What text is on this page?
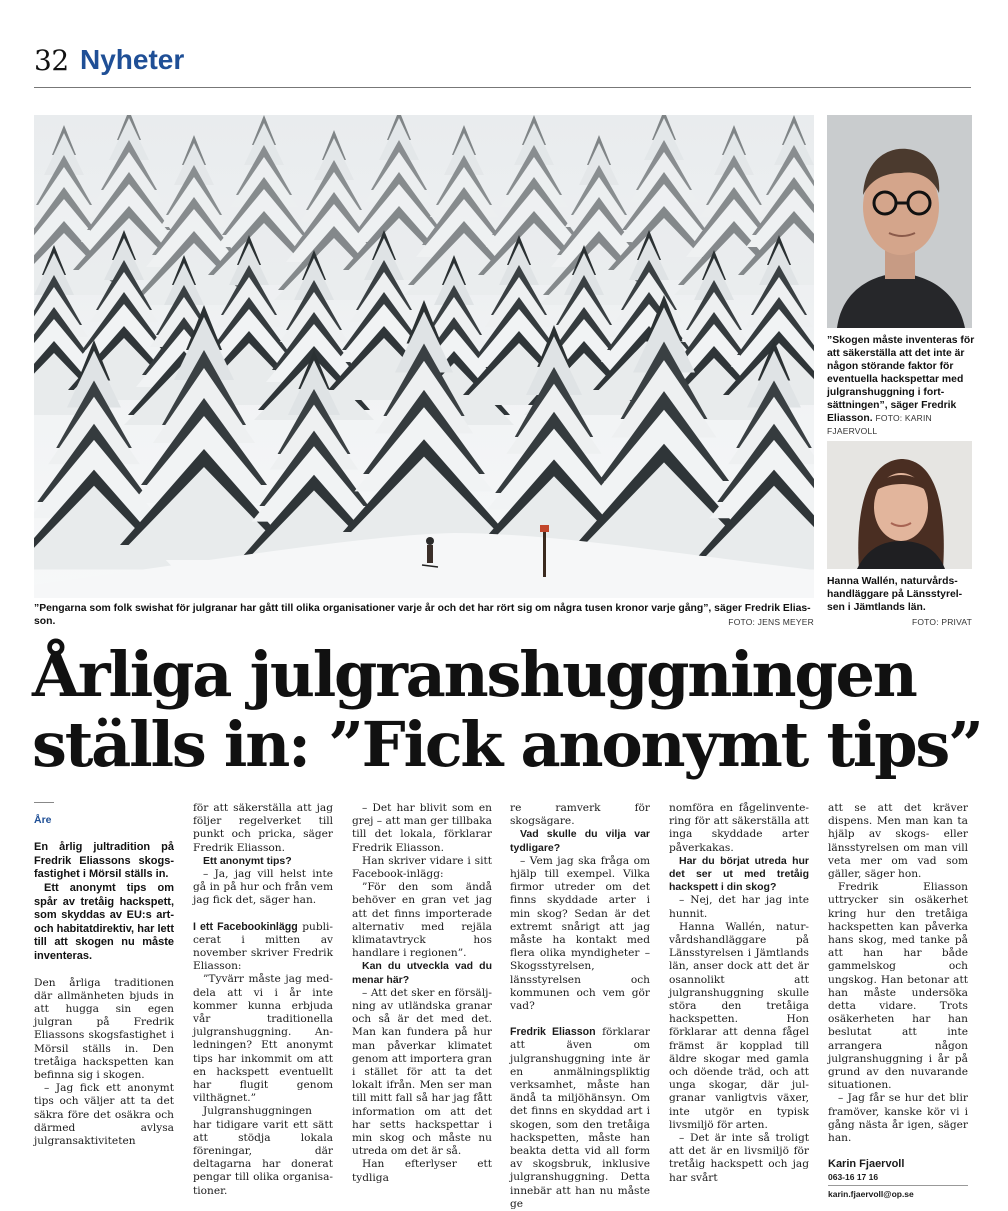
32 Nyheter
”Pengarna som folk swishat för julgranar har gått till olika organisationer varje år och det har rört sig om några tusen kronor varje gång”, säger Fredrik Eliasson.	FOTO: JENS MEYER
”Skogen måste inventeras för att säkerställa att det inte är någon störande faktor för eventuella hackspettar med julgranshuggning i fortsättningen”, säger Fredrik Eliasson. FOTO: KARIN FJAERVOLL
Hanna Wallén, naturvårdshandläggare på Länsstyrelsen i Jämtlands län.
FOTO: PRIVAT
Årliga julgranshuggningen
ställs in: ”Fick anonymt tips”

Åre

En årlig jultradition på Fredrik Eliassons skogsfastighet i Mörsil ställs in.

Ett anonymt tips om spår av tretåig hackspett, som skyddas av EU:s art- och habitatdirektiv, har lett till att skogen nu måste inventeras.

Den årliga traditionen där allmänheten bjuds in att hugga sin egen julgran på Fredrik Eliassons skogsfastighet i Mörsil ställs in. Den tretåiga hackspetten kan befinna sig i skogen.

– Jag fick ett anonymt tips och väljer att ta det säkra före det osäkra och därmed avlysa julgransaktiviteten

för att säkerställa att jag följer regelverket till punkt och pricka, säger Fredrik Eliasson.

Ett anonymt tips?

– Ja, jag vill helst inte gå in på hur och från vem jag fick det, säger han.

I ett Facebookinlägg publicerat i mitten av november skriver Fredrik Eliasson:

”Tyvärr måste jag meddela att vi i år inte kommer kunna erbjuda vår traditionella julgranshuggning. Anledningen? Ett anonymt tips har inkommit om att en hackspett eventuellt har flugit genom vilthägnet.”

Julgranshuggningen har tidigare varit ett sätt att stödja lokala föreningar, där deltagarna har donerat pengar till olika organisationer.

– Det har blivit som en grej – att man ger tillbaka till det lokala, förklarar Fredrik Eliasson.

Han skriver vidare i sitt Facebook-inlägg:

”För den som ändå behöver en gran vet jag att det finns importerade alternativ med rejäla klimatavtryck hos handlare i regionen”.

Kan du utveckla vad du menar här?

– Att det sker en försäljning av utländska granar och så är det med det. Man kan fundera på hur man påverkar klimatet genom att importera gran i stället för att ta det lokalt ifrån. Men ser man till mitt fall så har jag fått information om att det har setts hackspettar i min skog och måste nu utreda om det är så.

Han efterlyser ett tydliga

re ramverk för skogsägare.

Vad skulle du vilja var tydligare?

– Vem jag ska fråga om hjälp till exempel. Vilka firmor utreder om det finns skyddade arter i min skog? Sedan är det extremt snårigt att jag måste ha kontakt med flera olika myndigheter – Skogsstyrelsen, länsstyrelsen och kommunen och vem gör vad?

Fredrik Eliasson förklarar att även om julgranshuggning inte är en anmälningspliktig verksamhet, måste han ändå ta miljöhänsyn. Om det finns en skyddad art i skogen, som den tretåiga hackspetten, måste han beakta detta vid all form av skogsbruk, inklusive julgranshuggning. Detta innebär att han nu måste ge

nomföra en fågelinventering för att säkerställa att inga skyddade arter påverkakas.

Har du börjat utreda hur det ser ut med tretåig hackspett i din skog?

– Nej, det har jag inte hunnit.

Hanna Wallén, naturvårdshandläggare på Länsstyrelsen i Jämtlands län, anser dock att det är osannolikt att julgranshuggning skulle störa den tretåiga hackspetten. Hon förklarar att denna fågel främst är kopplad till äldre skogar med gamla och döende träd, och att unga skogar, där julgranar vanligtvis växer, inte utgör en typisk livsmiljö för arten.

– Det är inte så troligt att det är en livsmiljö för tretåig hackspett och jag har svårt

att se att det kräver dispens. Men man kan ta hjälp av skogs- eller länsstyrelsen om man vill veta mer om vad som gäller, säger hon.

Fredrik Eliasson uttrycker sin osäkerhet kring hur den tretåiga hackspetten kan påverka hans skog, med tanke på att han har både gammelskog och ungskog. Han betonar att han måste undersöka detta vidare. Trots osäkerheten har han beslutat att inte arrangera någon julgranshuggning i år på grund av den nuvarande situationen.

– Jag får se hur det blir framöver, kanske kör vi i gång nästa år igen, säger han.

Karin Fjaervoll

063-16 17 16

karin.fjaervoll@op.se
